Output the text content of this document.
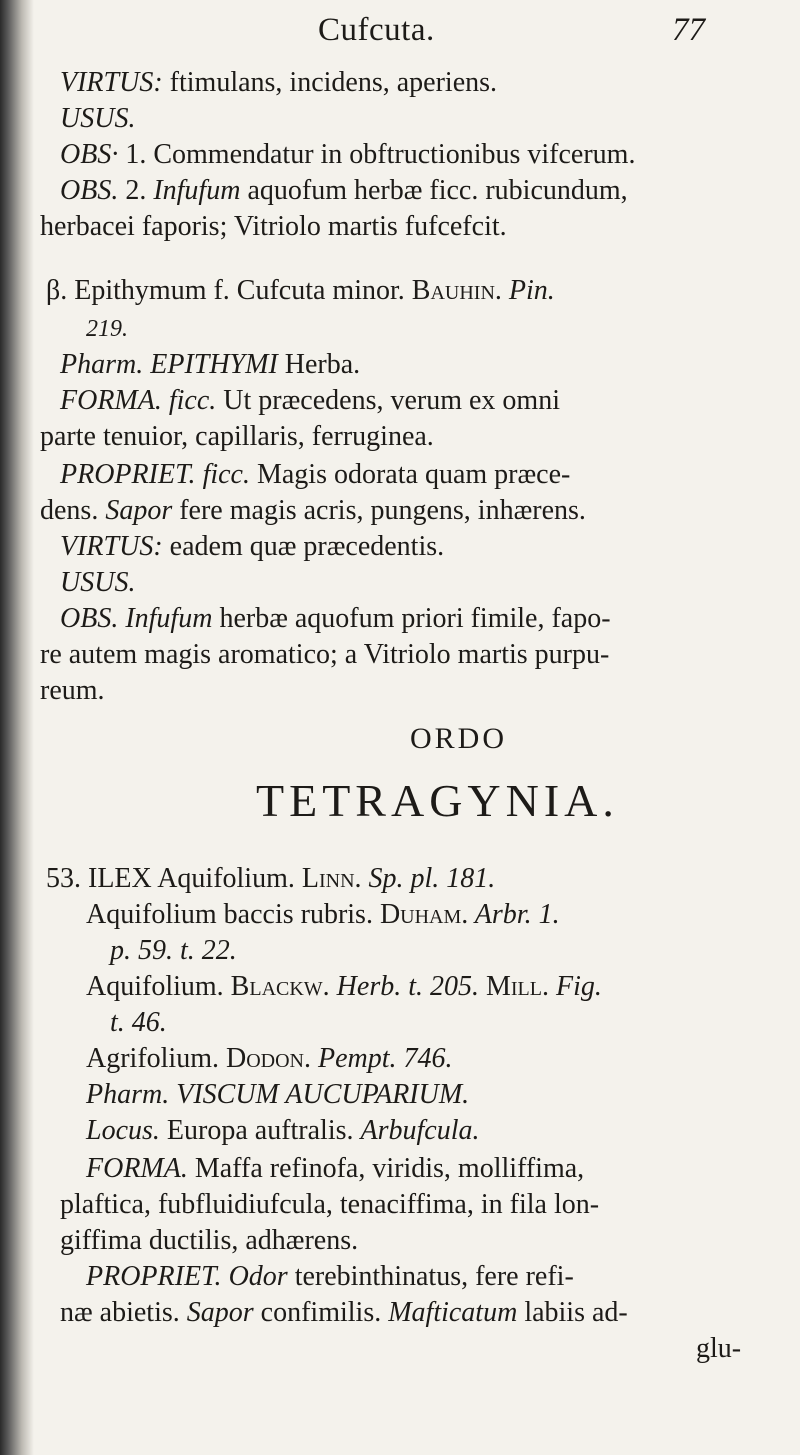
Cufcuta.	77
VIRTUS: ftimulans, incidens, aperiens.
USUS.
OBS· 1. Commendatur in obftructionibus vifcerum.
OBS. 2. Infufum aquofum herbæ ficc. rubicundum,
herbacei faporis; Vitriolo martis fufcefcit.
β. Epithymum f. Cufcuta minor. Bauhin. Pin.
219.
Pharm. EPITHYMI Herba.
FORMA. ficc. Ut præcedens, verum ex omni
parte tenuior, capillaris, ferruginea.
PROPRIET. ficc. Magis odorata quam præce-
dens. Sapor fere magis acris, pungens, inhærens.
VIRTUS: eadem quæ præcedentis.
USUS.
OBS. Infufum herbæ aquofum priori fimile, fapo-
re autem magis aromatico; a Vitriolo martis purpu-
reum.
ORDO
TETRAGYNIA.
53. ILEX Aquifolium. Linn. Sp. pl. 181.
Aquifolium baccis rubris. Duham. Arbr. 1.
p. 59. t. 22.
Aquifolium. Blackw. Herb. t. 205. Mill. Fig.
t. 46.
Agrifolium. Dodon. Pempt. 746.
Pharm. VISCUM AUCUPARIUM.
Locus. Europa auftralis. Arbufcula.
FORMA. Maffa refinofa, viridis, molliffima,
plaftica, fubfluidiufcula, tenaciffima, in fila lon-
giffima ductilis, adhærens.
PROPRIET. Odor terebinthinatus, fere refi-
næ abietis. Sapor confimilis. Mafticatum labiis ad-
glu-
